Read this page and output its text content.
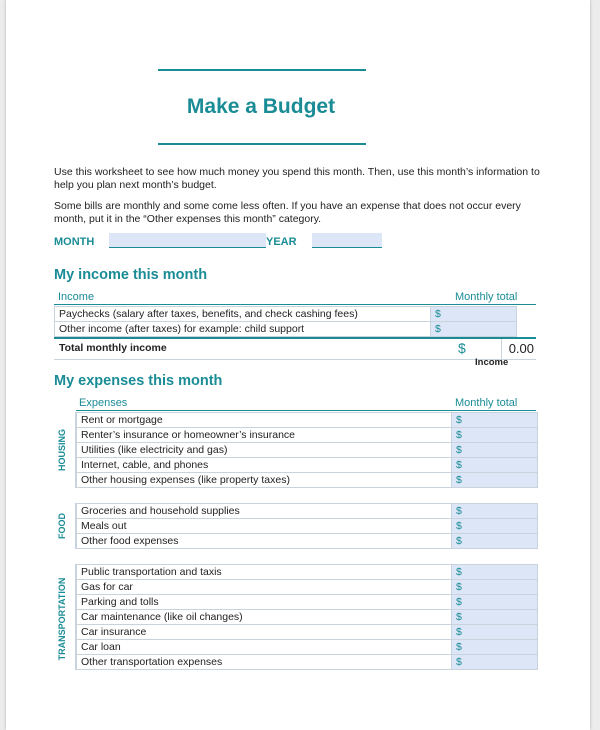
Make a Budget

Use this worksheet to see how much money you spend this month. Then, use this month’s information to help you plan next month’s budget.

Some bills are monthly and some come less often. If you have an expense that does not occur every month, put it in the “Other expenses this month” category.

MONTH	YEAR
My income this month
Income	Monthly total
Paychecks (salary after taxes, benefits, and check cashing fees)	$
Other income (after taxes) for example: child support	$
Total monthly income	$	0.00
Income
My expenses this month
Expenses	Monthly total
HOUSING
Rent or mortgage	$
Renter’s insurance or homeowner’s insurance	$
Utilities (like electricity and gas)	$
Internet, cable, and phones	$
Other housing expenses (like property taxes)	$
FOOD
Groceries and household supplies	$
Meals out	$
Other food expenses	$
TRANSPORTATION
Public transportation and taxis	$
Gas for car	$
Parking and tolls	$
Car maintenance (like oil changes)	$
Car insurance	$
Car loan	$
Other transportation expenses	$
